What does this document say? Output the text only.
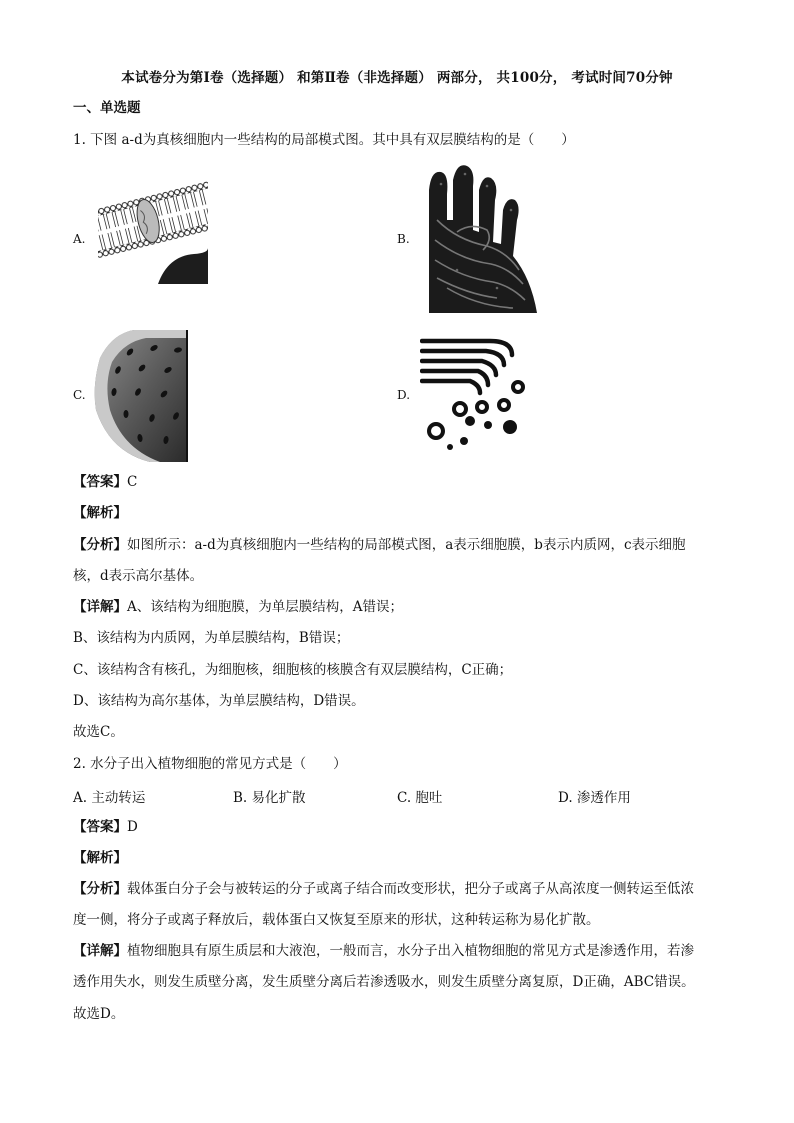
本试卷分为第Ⅰ卷（选择题） 和第Ⅱ卷（非选择题） 两部分， 共100分， 考试时间70分钟
一、单选题
1. 下图 a-d为真核细胞内一些结构的局部模式图。其中具有双层膜结构的是（　　）
A.	B.
C.	D.
【答案】C
【解析】
【分析】如图所示：a-d为真核细胞内一些结构的局部模式图，a表示细胞膜，b表示内质网，c表示细胞
核，d表示高尔基体。
【详解】A、该结构为细胞膜，为单层膜结构，A错误；
B、该结构为内质网，为单层膜结构，B错误；
C、该结构含有核孔，为细胞核，细胞核的核膜含有双层膜结构，C正确；
D、该结构为高尔基体，为单层膜结构，D错误。
故选C。
2. 水分子出入植物细胞的常见方式是（　　）
A. 主动转运	B. 易化扩散	C. 胞吐	D. 渗透作用
【答案】D
【解析】
【分析】载体蛋白分子会与被转运的分子或离子结合而改变形状，把分子或离子从高浓度一侧转运至低浓
度一侧，将分子或离子释放后，载体蛋白又恢复至原来的形状，这种转运称为易化扩散。
【详解】植物细胞具有原生质层和大液泡，一般而言，水分子出入植物细胞的常见方式是渗透作用，若渗
透作用失水，则发生质壁分离，发生质壁分离后若渗透吸水，则发生质壁分离复原，D正确，ABC错误。
故选D。
